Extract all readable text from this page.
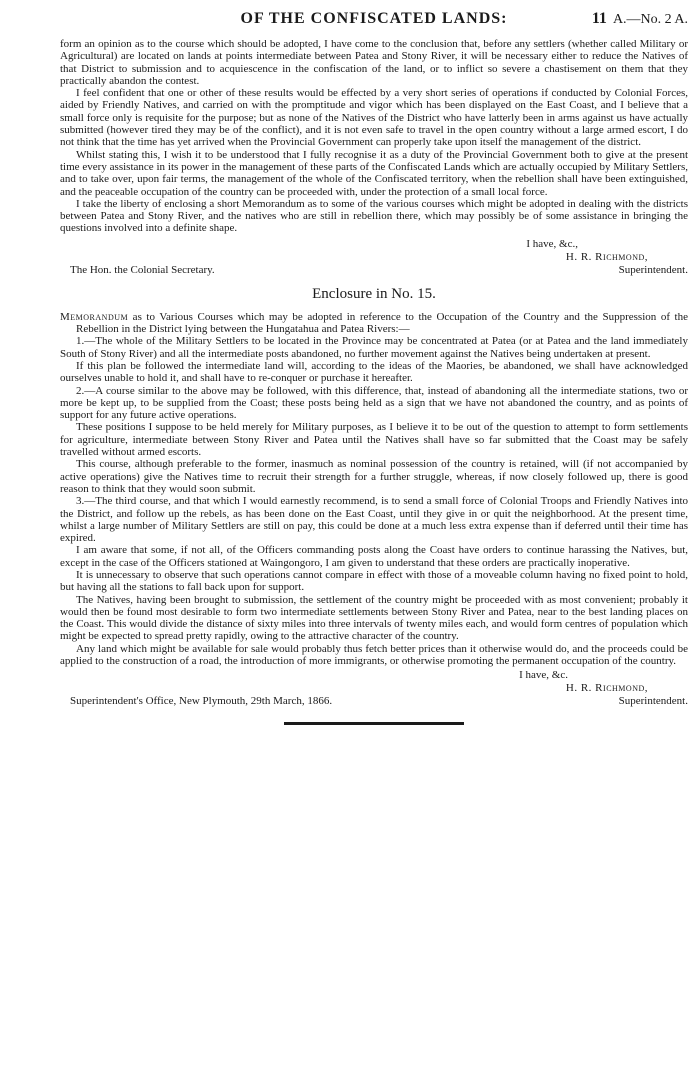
OF THE CONFISCATED LANDS:	11 A.—No. 2 A.

form an opinion as to the course which should be adopted, I have come to the conclusion that, before any settlers (whether called Military or Agricultural) are located on lands at points intermediate between Patea and Stony River, it will be necessary either to reduce the Natives of that District to submission and to acquiescence in the confiscation of the land, or to inflict so severe a chastisement on them that they practically abandon the contest.

I feel confident that one or other of these results would be effected by a very short series of operations if conducted by Colonial Forces, aided by Friendly Natives, and carried on with the promptitude and vigor which has been displayed on the East Coast, and I believe that a small force only is requisite for the purpose; but as none of the Natives of the District who have latterly been in arms against us have actually submitted (however tired they may be of the conflict), and it is not even safe to travel in the open country without a large armed escort, I do not think that the time has yet arrived when the Provincial Government can properly take upon itself the management of the district.

Whilst stating this, I wish it to be understood that I fully recognise it as a duty of the Provincial Government both to give at the present time every assistance in its power in the management of these parts of the Confiscated Lands which are actually occupied by Military Settlers, and to take over, upon fair terms, the management of the whole of the Confiscated territory, when the rebellion shall have been extinguished, and the peaceable occupation of the country can be proceeded with, under the protection of a small local force.

I take the liberty of enclosing a short Memorandum as to some of the various courses which might be adopted in dealing with the districts between Patea and Stony River, and the natives who are still in rebellion there, which may possibly be of some assistance in bringing the questions involved into a definite shape.

I have, &c.,
H. R. Richmond,
The Hon. the Colonial Secretary.	Superintendent.
Enclosure in No. 15.

Memorandum as to Various Courses which may be adopted in reference to the Occupation of the Country and the Suppression of the Rebellion in the District lying between the Hungatahua and Patea Rivers:—

1.—The whole of the Military Settlers to be located in the Province may be concentrated at Patea (or at Patea and the land immediately South of Stony River) and all the intermediate posts abandoned, no further movement against the Natives being undertaken at present.

If this plan be followed the intermediate land will, according to the ideas of the Maories, be abandoned, we shall have acknowledged ourselves unable to hold it, and shall have to re-conquer or purchase it hereafter.

2.—A course similar to the above may be followed, with this difference, that, instead of abandoning all the intermediate stations, two or more be kept up, to be supplied from the Coast; these posts being held as a sign that we have not abandoned the country, and as points of support for any future active operations.

These positions I suppose to be held merely for Military purposes, as I believe it to be out of the question to attempt to form settlements for agriculture, intermediate between Stony River and Patea until the Natives shall have so far submitted that the Coast may be safely travelled without armed escorts.

This course, although preferable to the former, inasmuch as nominal possession of the country is retained, will (if not accompanied by active operations) give the Natives time to recruit their strength for a further struggle, whereas, if now closely followed up, there is good reason to think that they would soon submit.

3.—The third course, and that which I would earnestly recommend, is to send a small force of Colonial Troops and Friendly Natives into the District, and follow up the rebels, as has been done on the East Coast, until they give in or quit the neighborhood. At the present time, whilst a large number of Military Settlers are still on pay, this could be done at a much less extra expense than if deferred until their time has expired.

I am aware that some, if not all, of the Officers commanding posts along the Coast have orders to continue harassing the Natives, but, except in the case of the Officers stationed at Waingongoro, I am given to understand that these orders are practically inoperative.

It is unnecessary to observe that such operations cannot compare in effect with those of a moveable column having no fixed point to hold, but having all the stations to fall back upon for support.

The Natives, having been brought to submission, the settlement of the country might be proceeded with as most convenient; probably it would then be found most desirable to form two intermediate settlements between Stony River and Patea, near to the best landing places on the Coast. This would divide the distance of sixty miles into three intervals of twenty miles each, and would form centres of population which might be expected to spread pretty rapidly, owing to the attractive character of the country.

Any land which might be available for sale would probably thus fetch better prices than it otherwise would do, and the proceeds could be applied to the construction of a road, the introduction of more immigrants, or otherwise promoting the permanent occupation of the country.

I have, &c.
H. R. Richmond,
Superintendent's Office, New Plymouth, 29th March, 1866.	Superintendent.
